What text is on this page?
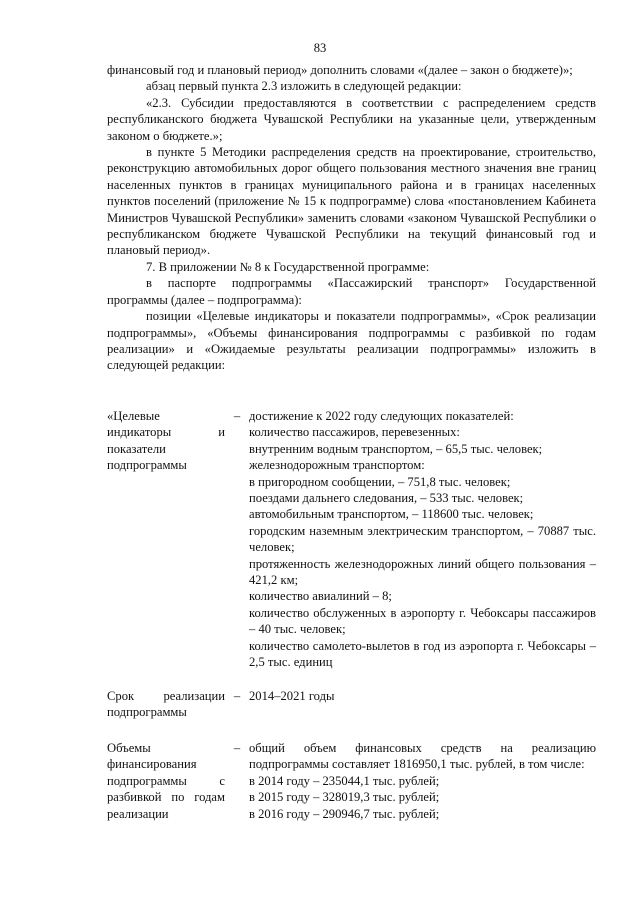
83

финансовый год и плановый период» дополнить словами «(далее – закон о бюджете)»;

абзац первый пункта 2.3 изложить в следующей редакции:

«2.3. Субсидии предоставляются в соответствии с распределением средств республиканского бюджета Чувашской Республики на указанные цели, утвержденным законом о бюджете.»;

в пункте 5 Методики распределения средств на проектирование, строительство, реконструкцию автомобильных дорог общего пользования местного значения вне границ населенных пунктов в границах муниципального района и в границах населенных пунктов поселений (приложение № 15 к подпрограмме) слова «постановлением Кабинета Министров Чувашской Республики» заменить словами «законом Чувашской Республики о республиканском бюджете Чувашской Республики на текущий финансовый год и плановый период».

7. В приложении № 8 к Государственной программе:

в паспорте подпрограммы «Пассажирский транспорт» Государственной программы (далее – подпрограмма):

позиции «Целевые индикаторы и показатели подпрограммы», «Срок реализации подпрограммы», «Объемы финансирования подпрограммы с разбивкой по годам реализации» и «Ожидаемые результаты реализации подпрограммы» изложить в следующей редакции:

«Целевые индикаторы и показатели подпрограммы
– достижение к 2022 году следующих показателей:

количество пассажиров, перевезенных:

внутренним водным транспортом, – 65,5 тыс. человек;

железнодорожным транспортом:

в пригородном сообщении, – 751,8 тыс. человек;

поездами дальнего следования, – 533 тыс. человек;

автомобильным транспортом, – 118600 тыс. человек;

городским наземным электрическим транспортом, – 70887 тыс. человек;

протяженность железнодорожных линий общего пользования – 421,2 км;

количество авиалиний – 8;

количество обслуженных в аэропорту г. Чебоксары пассажиров – 40 тыс. человек;

количество самолето-вылетов в год из аэропорта г. Чебоксары – 2,5 тыс. единиц

Срок реализации подпрограммы
– 2014–2021 годы

Объемы финансирования подпрограммы с разбивкой по годам реализации
– общий объем финансовых средств на реализацию подпрограммы составляет 1816950,1 тыс. рублей, в том числе:

в 2014 году – 235044,1 тыс. рублей;

в 2015 году – 328019,3 тыс. рублей;

в 2016 году – 290946,7 тыс. рублей;
